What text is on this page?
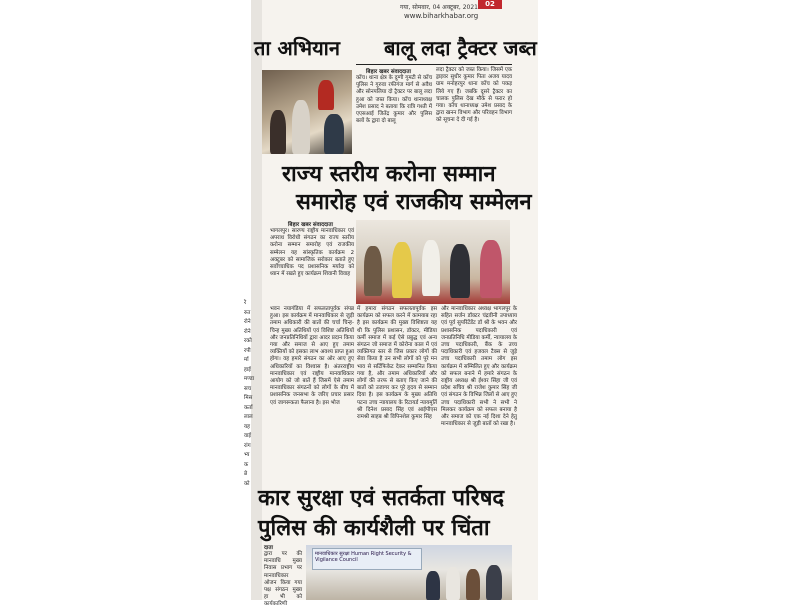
गया, सोमवार, 04 अक्टूबर, 2021
www.biharkhabar.org
02
ता अभियान बालू लदा ट्रैक्टर जब्त
बिहार खबर संवाददाता
कोंच। थाना क्षेत्र के दुग्गी गुमटी से कोंच पुलिस ने गुरुवा रफीगंज मार्ग से अवैध और सोनपलिया दो ट्रैक्टर पर बालू लदा हुआ को जब्त किया। कोंच थानाध्यक्ष उमेश प्रसाद ने बताया कि रात्रि गश्ती में एएसआई जितेंद्र कुमार और पुलिस बलों के द्वारा दो बालू
लदा ट्रैक्टर को जब्त किया। जिसमें एक ड्राइवर सुधीर कुमार पिता अजय यादव ग्राम मनोहरपुर थाना कोंच को पकड़ लिये गए हैं। जबकि दूसरे ट्रैक्टर का चालक पुलिस देख मौके से फरार हो गया। कोंच थानाध्यक्ष उमेश प्रसाद के द्वारा खनन विभाग और परिवहन विभाग को सूचना दे दी गई है।
राज्य स्तरीय करोना सम्मान
समारोह एवं राजकीय सम्मेलन
बिहार खबर संवाददाता
भागलपुर। सारण्य राष्ट्रीय मानवाधिकार एवं अपराध विरोधी संगठन का राज्य स्तरीय करोना सम्मान समारोह एवं राजकीय सम्मेलन यह सांस्कृतिक कार्यक्रम 2 अक्टूबर को सामाजिक सरोकार बताते हुए सर्वोच्चाधिक पद प्रशासनिक मर्यादा को ध्यान में रखते हुए कार्यक्रम शिवानी विवाह
भवन नयागंडिया में सफलतापूर्वक संपन्न हुआ। इस कार्यक्रम में मानवाधिकार से जुड़ी तमाम अधिकारी की बातों की चर्चा चिन्ह-चिन्ह मुख्य अतिथियों एवं विशिष्ट अतिथियों और जनप्रतिनिधियों द्वारा आदर प्रदान किया गया और समाज से आए हुए तमाम व्यक्तियों को इसका लाभ अवश्य प्राप्त हुआ होगा। वह हमारे संगठन का ओर आए हुए अधिकारियों का विश्वास है। अंतरराष्ट्रीय मानवाधिकार एवं राष्ट्रीय मानवाधिकार आयोग को जो बातें हैं जिसमें ऐसे तमाम मानवाधिकार संगठनों को लोगों के बीच में प्रशासनिक जनसभा के जरिए प्रचार प्रसार एवं जागरूकता फैलाना है। इस भोज
में हमारा संगठन सफलतापूर्वक इस कार्यक्रम को सफल करने में कामयाब रहा है इस कार्यक्रम की मुख्य विशिष्टता यह थी कि पुलिस प्रशासन, डॉक्टर, मीडिया कर्मी समाज में कई ऐसे प्रबुद्ध एवं अन्य संगठन जो समाज में कोरोना काल में एवं व्यक्तिगत स्तर से जिस प्रकार लोगों की सेवा किया है उन सभी लोगों को पूरे मन भाव से सर्टिफिकेट देकर सम्मानित किया गया है, और तमाम अधिकारियों और लोगों की तरफ से बताए किए जाने की बातों को उजागर कर पूरे हृदय से सम्मान दिया है। इस कार्यक्रम के मुख्य अतिथि पटना उच्च न्यायालय के रिटायर्ड न्यायमूर्ति श्री दिनेश प्रसाद सिंह एवं आईपीएस रामश्री साहब श्री विपिनशेल कुमार सिंह
और मानवाधिकार अध्यक्ष भागलपुर के सहित सर्जन डॉक्टर चंद्रवीनी उपाध्याय एवं पूर्व सुपरिंटेंडेंट डॉ श्री के भवन और प्रशासनिक पदाधिकारी एवं जनप्रतिनिधि मीडिया कर्मी, न्यायालय के उच्च पदाधिकारी, बैंक के उच्च पदाधिकारी एवं हजवल टैक्स से जुड़े उच्च पदाधिकारी तमाम लोग इस कार्यक्रम में सम्मिलित हुए और कार्यक्रम को सफल बनाने में हमारे संगठन के राष्ट्रीय अध्यक्ष श्री ईश्वर सिंहा जी एवं प्रदेश सचिव श्री राजेश कुमार सिंह जी एवं संगठन के विभिन्न जिलों से आए हुए उच्च पदाधिकारी सभी ने सभी ने मिलकर कार्यक्रम को सफल बनाया है और समाज को एक नई दिशा देने हेतु मानवाधिकार से जुड़ी बातों को रखा है।
कार सुरक्षा एवं सतर्कता परिषद
पुलिस की कार्यशैली पर चिंता
दाता
द्वारा पर की मानवाधि मुख्य निवास प्रभाग पर मानवाधिकार ओजन किया गया पक्ष संगठन मुख्य हा भी को कार्यकारिणी
मानवाधिकार सुरक्षा Human Right Security & Vigilance Council
रे
रुत
रोने
रोने
रको
रपी
र्मा
हाई
मण्डा
सच
मिस
कर्ता
लाल
यह
वाई
रांग
भ्य
क
न्ने
को
